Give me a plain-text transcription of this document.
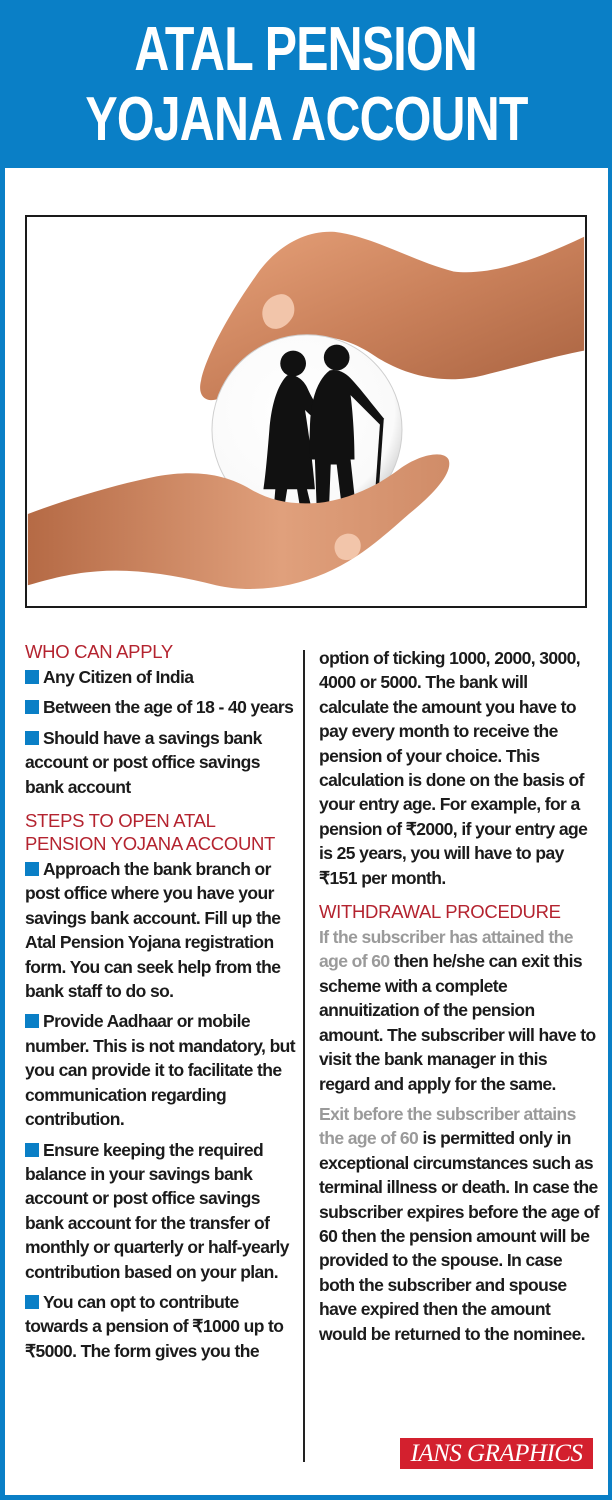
ATAL PENSION
YOJANA ACCOUNT
WHO CAN APPLY
Any Citizen of India
Between the age of 18 - 40 years
Should have a savings bank account or post office savings bank account
STEPS TO OPEN ATAL PENSION YOJANA ACCOUNT
Approach the bank branch or post office where you have your savings bank account. Fill up the Atal Pension Yojana registration form. You can seek help from the bank staff to do so.
Provide Aadhaar or mobile number. This is not mandatory, but you can provide it to facilitate the communication regarding contribution.
Ensure keeping the required balance in your savings bank account or post office savings bank account for the transfer of monthly or quarterly or half-yearly contribution based on your plan.
You can opt to contribute towards a pension of ₹1000 up to ₹5000. The form gives you the
option of ticking 1000, 2000, 3000, 4000 or 5000. The bank will calculate the amount you have to pay every month to receive the pension of your choice. This calculation is done on the basis of your entry age. For example, for a pension of ₹2000, if your entry age is 25 years, you will have to pay ₹151 per month.
WITHDRAWAL PROCEDURE
If the subscriber has attained the age of 60 then he/she can exit this scheme with a complete annuitization of the pension amount. The subscriber will have to visit the bank manager in this regard and apply for the same.
Exit before the subscriber attains the age of 60 is permitted only in exceptional circumstances such as terminal illness or death. In case the subscriber expires before the age of 60 then the pension amount will be provided to the spouse. In case both the subscriber and spouse have expired then the amount would be returned to the nominee.
IANS GRAPHICS
